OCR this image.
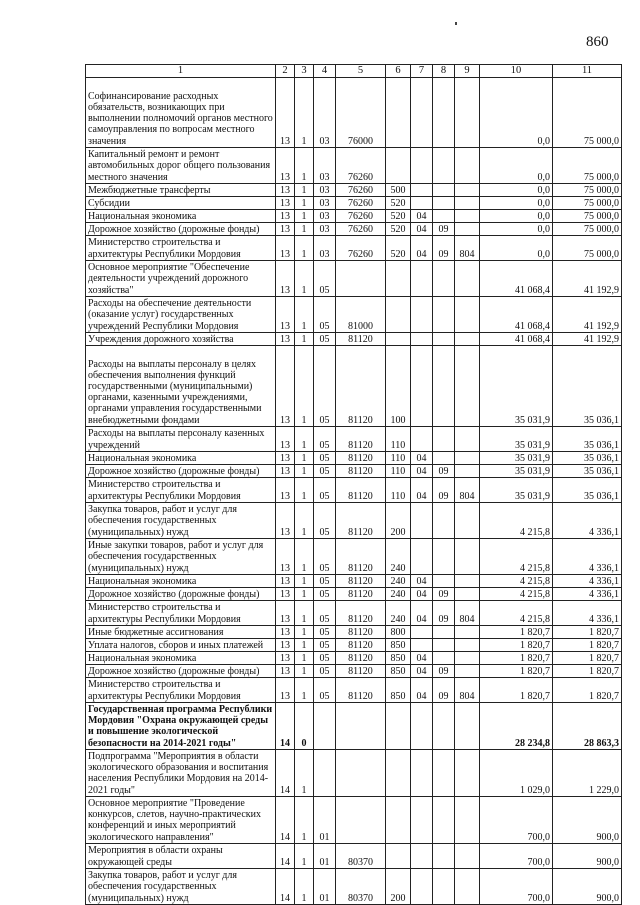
860
1	2	3	4	5	6	7	8	9	10	11
Софинансирование расходных обязательств, возникающих при выполнении полномочий органов местного самоуправления по вопросам местного значения	13	1	03	76000					0,0	75 000,0
Капитальный ремонт и ремонт автомобильных дорог общего пользования местного значения	13	1	03	76260					0,0	75 000,0
Межбюджетные трансферты	13	1	03	76260	500				0,0	75 000,0
Субсидии	13	1	03	76260	520				0,0	75 000,0
Национальная экономика	13	1	03	76260	520	04			0,0	75 000,0
Дорожное хозяйство (дорожные фонды)	13	1	03	76260	520	04	09		0,0	75 000,0
Министерство строительства и архитектуры Республики Мордовия	13	1	03	76260	520	04	09	804	0,0	75 000,0
Основное мероприятие "Обеспечение деятельности учреждений дорожного хозяйства"	13	1	05						41 068,4	41 192,9
Расходы на обеспечение деятельности (оказание услуг) государственных учреждений Республики Мордовия	13	1	05	81000					41 068,4	41 192,9
Учреждения дорожного хозяйства	13	1	05	81120					41 068,4	41 192,9
Расходы на выплаты персоналу в целях обеспечения выполнения функций государственными (муниципальными) органами, казенными учреждениями, органами управления государственными внебюджетными фондами	13	1	05	81120	100				35 031,9	35 036,1
Расходы на выплаты персоналу казенных учреждений	13	1	05	81120	110				35 031,9	35 036,1
Национальная экономика	13	1	05	81120	110	04			35 031,9	35 036,1
Дорожное хозяйство (дорожные фонды)	13	1	05	81120	110	04	09		35 031,9	35 036,1
Министерство строительства и архитектуры Республики Мордовия	13	1	05	81120	110	04	09	804	35 031,9	35 036,1
Закупка товаров, работ и услуг для обеспечения государственных (муниципальных) нужд	13	1	05	81120	200				4 215,8	4 336,1
Иные закупки товаров, работ и услуг для обеспечения государственных (муниципальных) нужд	13	1	05	81120	240				4 215,8	4 336,1
Национальная экономика	13	1	05	81120	240	04			4 215,8	4 336,1
Дорожное хозяйство (дорожные фонды)	13	1	05	81120	240	04	09		4 215,8	4 336,1
Министерство строительства и архитектуры Республики Мордовия	13	1	05	81120	240	04	09	804	4 215,8	4 336,1
Иные бюджетные ассигнования	13	1	05	81120	800				1 820,7	1 820,7
Уплата налогов, сборов и иных платежей	13	1	05	81120	850				1 820,7	1 820,7
Национальная экономика	13	1	05	81120	850	04			1 820,7	1 820,7
Дорожное хозяйство (дорожные фонды)	13	1	05	81120	850	04	09		1 820,7	1 820,7
Министерство строительства и архитектуры Республики Мордовия	13	1	05	81120	850	04	09	804	1 820,7	1 820,7
Государственная программа Республики Мордовия "Охрана окружающей среды и повышение экологической безопасности на 2014-2021 годы"	14	0							28 234,8	28 863,3
Подпрограмма "Мероприятия в области экологического образования и воспитания населения Республики Мордовия на 2014-2021 годы"	14	1							1 029,0	1 229,0
Основное мероприятие "Проведение конкурсов, слетов, научно-практических конференций и иных мероприятий экологического направления"	14	1	01						700,0	900,0
Мероприятия в области охраны окружающей среды	14	1	01	80370					700,0	900,0
Закупка товаров, работ и услуг для обеспечения государственных (муниципальных) нужд	14	1	01	80370	200				700,0	900,0
